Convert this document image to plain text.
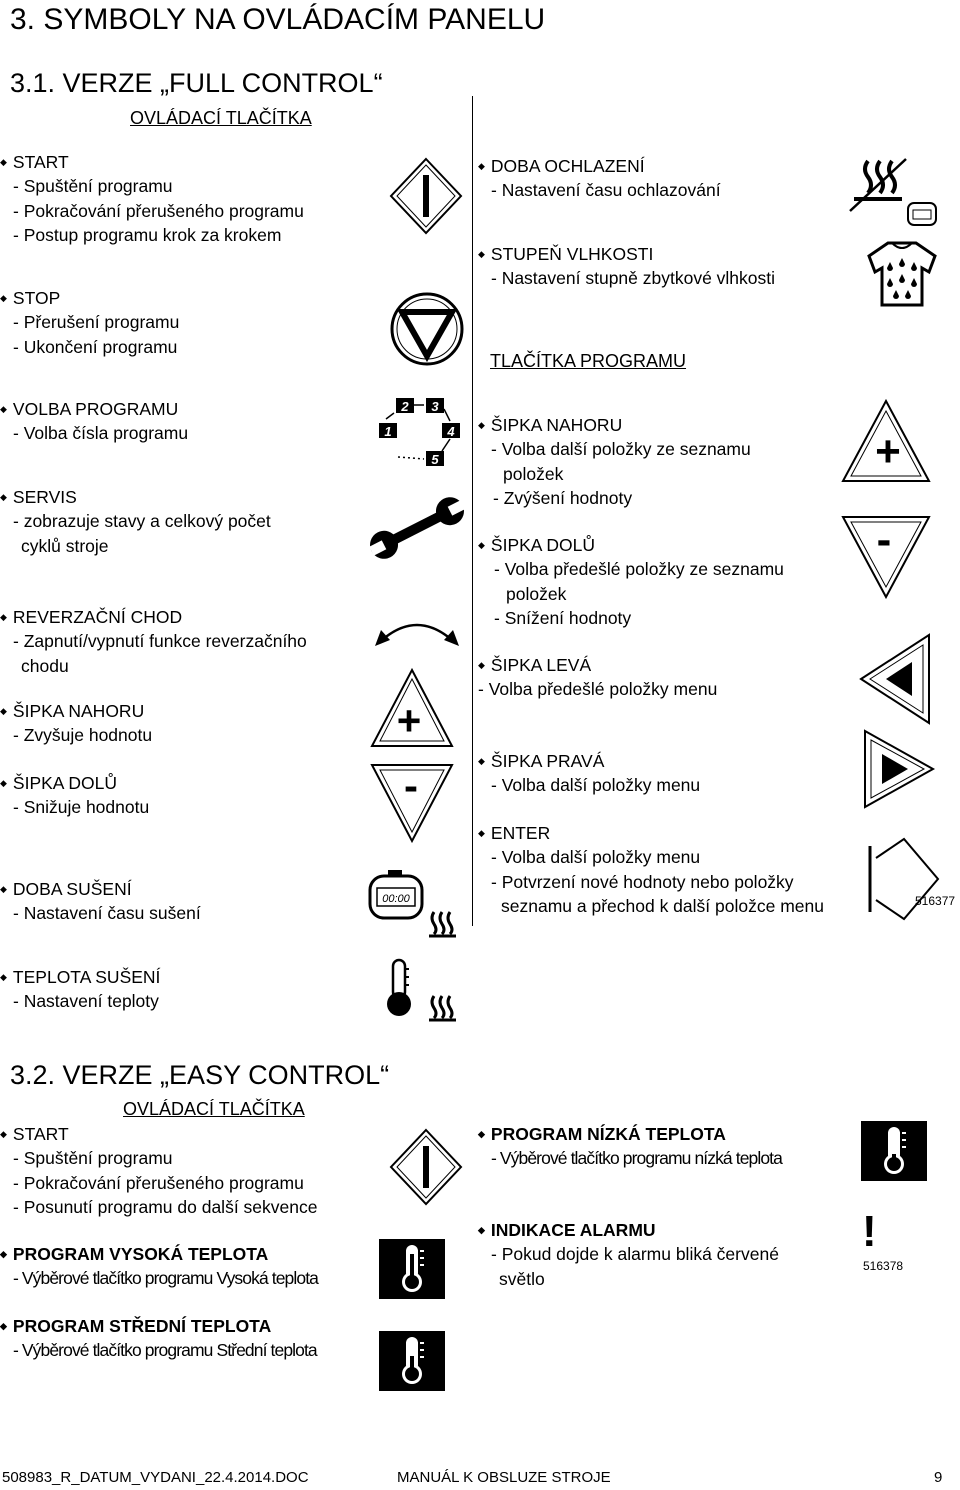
3. SYMBOLY NA OVLÁDACÍM PANELU
3.1. VERZE „FULL CONTROL“
OVLÁDACÍ TLAČÍTKA
◆ START
- Spuštění programu
- Pokračování přerušeného programu
- Postup programu krok za krokem
◆ STOP
- Přerušení programu
- Ukončení programu
◆ VOLBA PROGRAMU
- Volba čísla programu
◆ SERVIS
- zobrazuje stavy a celkový počet
cyklů stroje
◆ REVERZAČNÍ CHOD
- Zapnutí/vypnutí funkce reverzačního
chodu
◆ ŠIPKA NAHORU
- Zvyšuje hodnotu
◆ ŠIPKA DOLŮ
- Snižuje hodnotu
◆ DOBA SUŠENÍ
- Nastavení času sušení
◆ TEPLOTA SUŠENÍ
- Nastavení teploty
◆ DOBA OCHLAZENÍ
- Nastavení času ochlazování
◆ STUPEŇ VLHKOSTI
- Nastavení stupně zbytkové vlhkosti
TLAČÍTKA PROGRAMU
◆ ŠIPKA NAHORU
- Volba další položky ze seznamu
položek
- Zvýšení hodnoty
◆ ŠIPKA DOLŮ
- Volba předešlé položky ze seznamu
položek
- Snížení hodnoty
◆ ŠIPKA LEVÁ
- Volba předešlé položky menu
◆ ŠIPKA PRAVÁ
- Volba další položky menu
◆ ENTER
- Volba další položky menu
- Potvrzení nové hodnoty nebo položky
seznamu a přechod k další položce menu	516377
2 3
1	4
5
+
-
00:00
+
-
3.2. VERZE „EASY CONTROL“
OVLÁDACÍ TLAČÍTKA
◆ START
- Spuštění programu
- Pokračování přerušeného programu
- Posunutí programu do další sekvence
◆ PROGRAM VYSOKÁ TEPLOTA
- Výběrové tlačítko programu Vysoká teplota
◆ PROGRAM STŘEDNÍ TEPLOTA
- Výběrové tlačítko programu Střední teplota
◆ PROGRAM NÍZKÁ TEPLOTA
- Výběrové tlačítko programu nízká teplota
◆ INDIKACE ALARMU
- Pokud dojde k alarmu bliká červené
světlo
!
516378
508983_R_DATUM_VYDANI_22.4.2014.DOC	MANUÁL K OBSLUZE STROJE	9
